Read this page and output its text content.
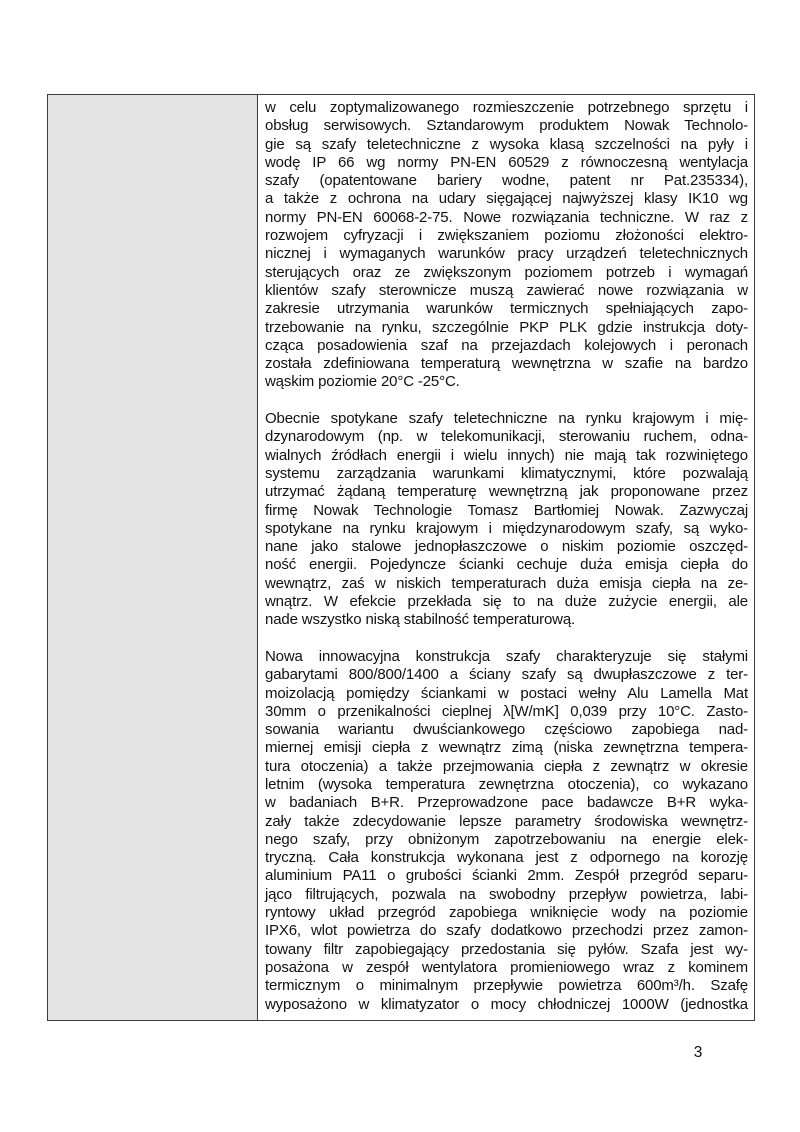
w celu zoptymalizowanego rozmieszczenie potrzebnego sprzętu i
obsług serwisowych. Sztandarowym produktem Nowak Technolo-
gie są szafy teletechniczne z wysoka klasą szczelności na pyły i
wodę IP 66 wg normy PN-EN 60529 z równoczesną wentylacja
szafy (opatentowane bariery wodne, patent nr Pat.235334),
a także z ochrona na udary sięgającej najwyższej klasy IK10 wg
normy PN-EN 60068-2-75. Nowe rozwiązania techniczne. W raz z
rozwojem cyfryzacji i zwiększaniem poziomu złożoności elektro-
nicznej i wymaganych warunków pracy urządzeń teletechnicznych
sterujących oraz ze zwiększonym poziomem potrzeb i wymagań
klientów szafy sterownicze muszą zawierać nowe rozwiązania w
zakresie utrzymania warunków termicznych spełniających zapo-
trzebowanie na rynku, szczególnie PKP PLK gdzie instrukcja doty-
cząca posadowienia szaf na przejazdach kolejowych i peronach
została zdefiniowana temperaturą wewnętrzna w szafie na bardzo
wąskim poziomie 20°C -25°C.
Obecnie spotykane szafy teletechniczne na rynku krajowym i mię-
dzynarodowym (np. w telekomunikacji, sterowaniu ruchem, odna-
wialnych źródłach energii i wielu innych) nie mają tak rozwiniętego
systemu zarządzania warunkami klimatycznymi, które pozwalają
utrzymać żądaną temperaturę wewnętrzną jak proponowane przez
firmę Nowak Technologie Tomasz Bartłomiej Nowak. Zazwyczaj
spotykane na rynku krajowym i międzynarodowym szafy, są wyko-
nane jako stalowe jednopłaszczowe o niskim poziomie oszczęd-
ność energii. Pojedyncze ścianki cechuje duża emisja ciepła do
wewnątrz, zaś w niskich temperaturach duża emisja ciepła na ze-
wnątrz. W efekcie przekłada się to na duże zużycie energii, ale
nade wszystko niską stabilność temperaturową.
Nowa innowacyjna konstrukcja szafy charakteryzuje się stałymi
gabarytami 800/800/1400 a ściany szafy są dwupłaszczowe z ter-
moizolacją pomiędzy ściankami w postaci wełny Alu Lamella Mat
30mm o przenikalności cieplnej λ[W/mK] 0,039 przy 10°C. Zasto-
sowania wariantu dwuściankowego częściowo zapobiega nad-
miernej emisji ciepła z wewnątrz zimą (niska zewnętrzna tempera-
tura otoczenia) a także przejmowania ciepła z zewnątrz w okresie
letnim (wysoka temperatura zewnętrzna otoczenia), co wykazano
w badaniach B+R. Przeprowadzone pace badawcze B+R wyka-
zały także zdecydowanie lepsze parametry środowiska wewnętrz-
nego szafy, przy obniżonym zapotrzebowaniu na energie elek-
tryczną. Cała konstrukcja wykonana jest z odpornego na korozję
aluminium PA11 o grubości ścianki 2mm. Zespół przegród separu-
jąco filtrujących, pozwala na swobodny przepływ powietrza, labi-
ryntowy układ przegród zapobiega wniknięcie wody na poziomie
IPX6, wlot powietrza do szafy dodatkowo przechodzi przez zamon-
towany filtr zapobiegający przedostania się pyłów. Szafa jest wy-
posażona w zespół wentylatora promieniowego wraz z kominem
termicznym o minimalnym przepływie powietrza 600m³/h. Szafę
wyposażono w klimatyzator o mocy chłodniczej 1000W (jednostka
3
